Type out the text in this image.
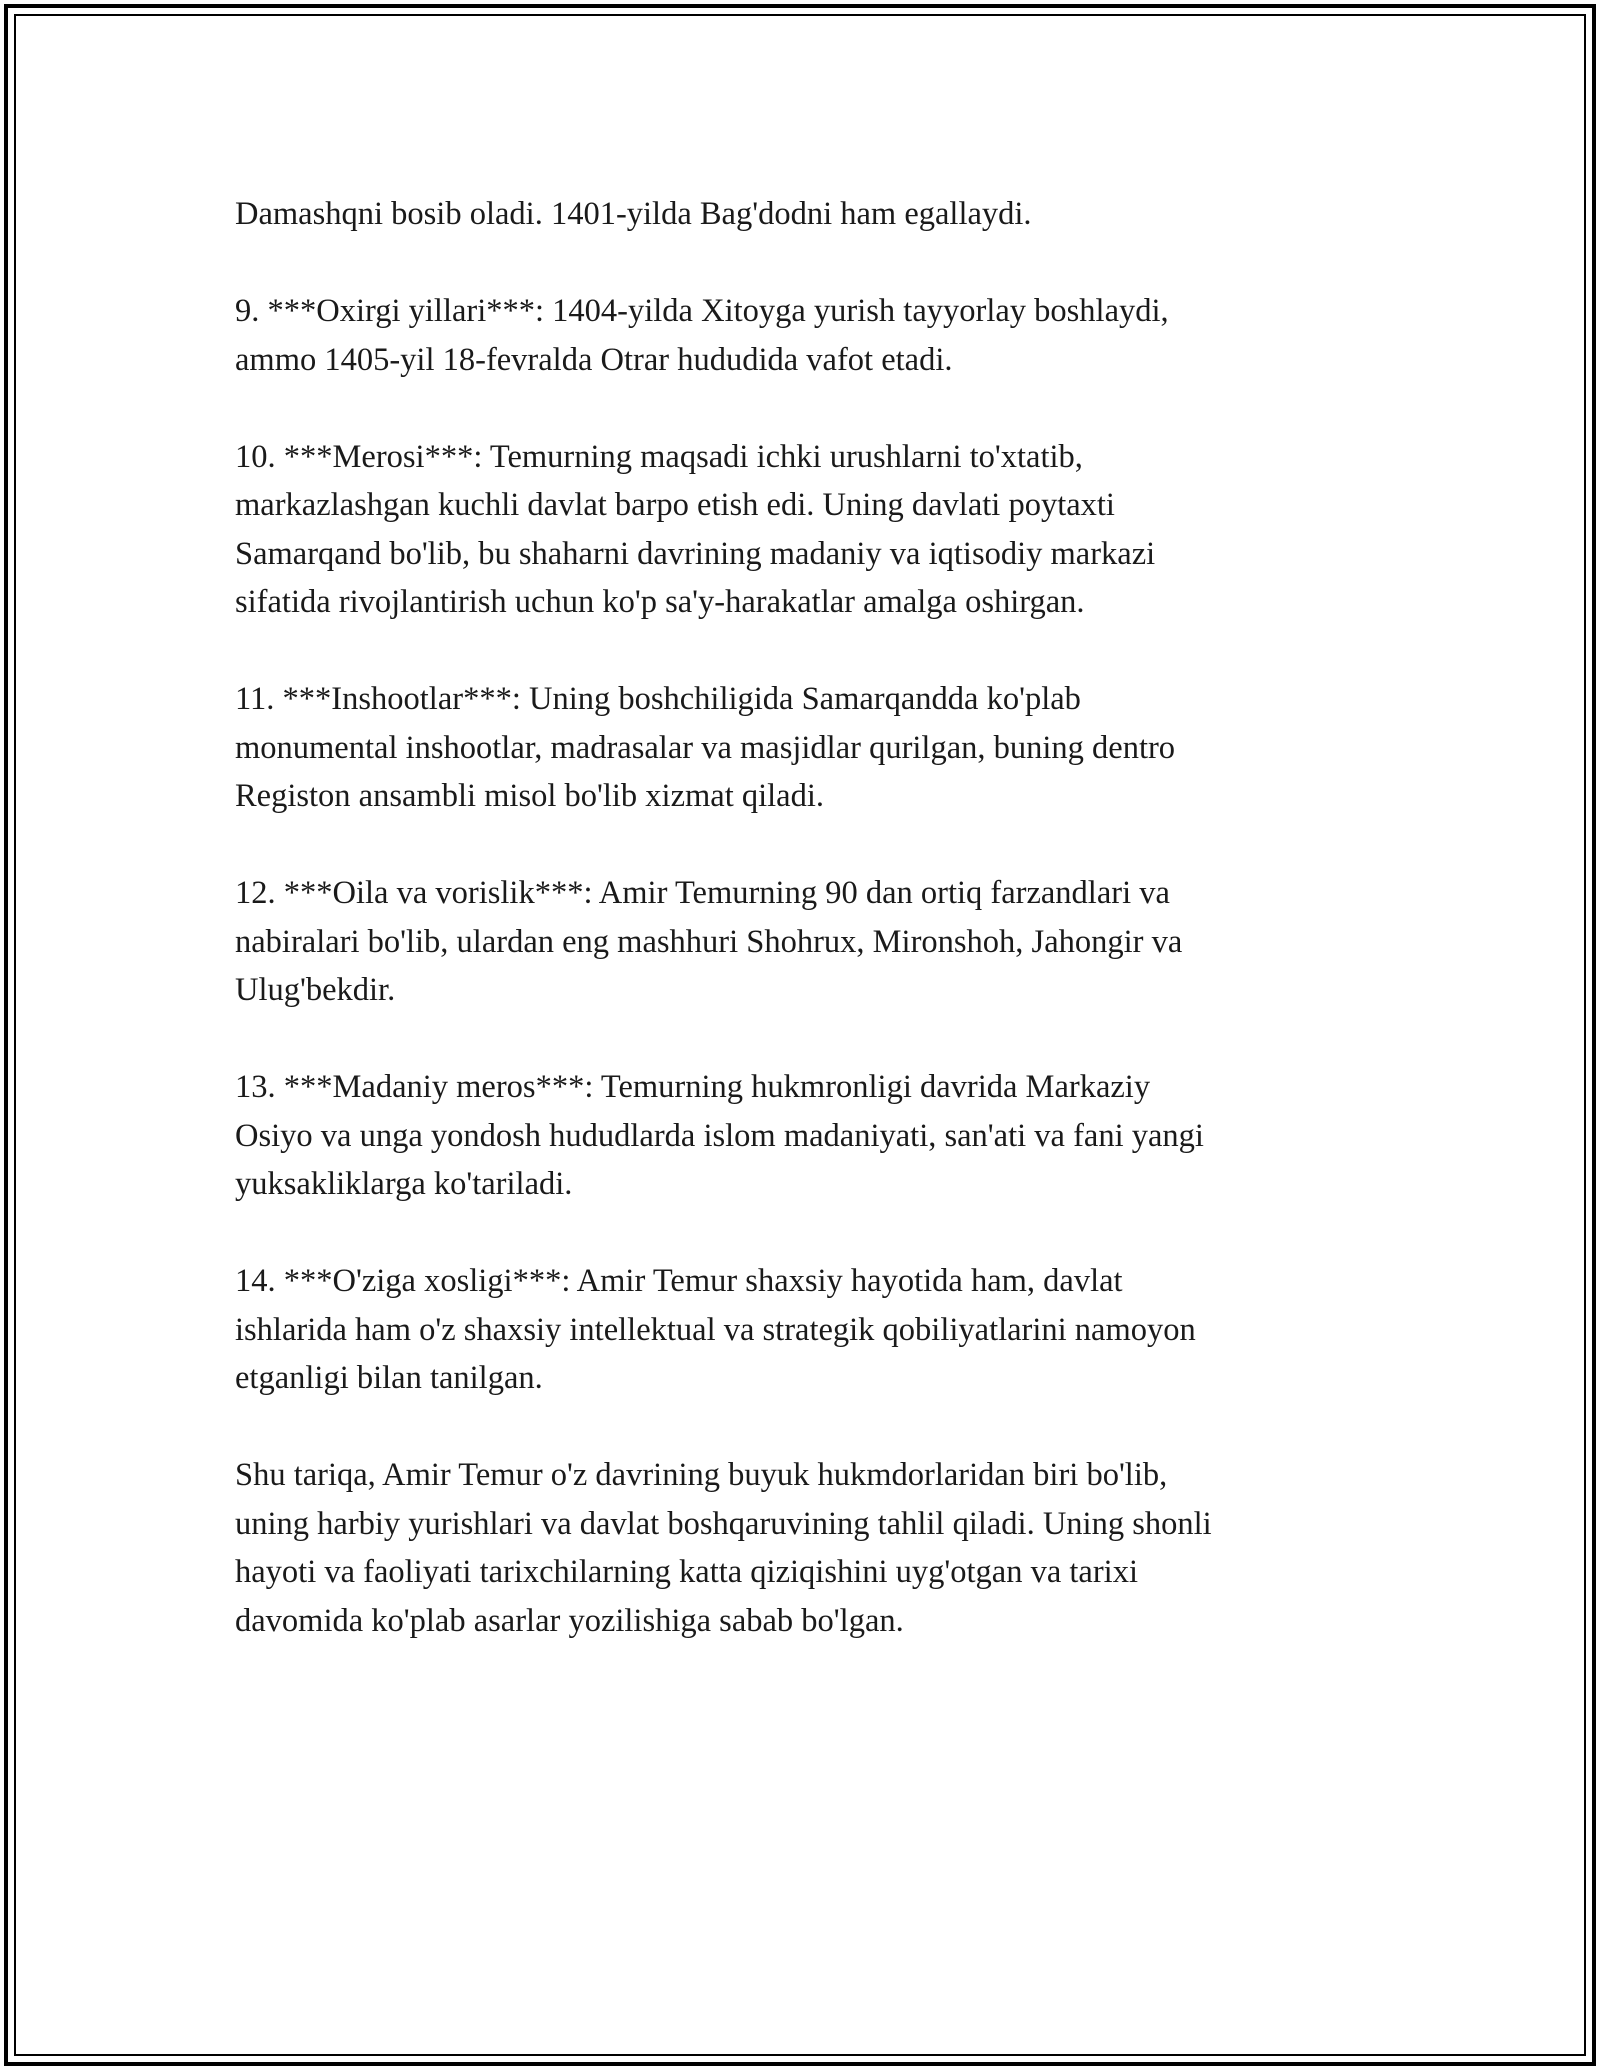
Damashqni bosib oladi. 1401-yilda Bag'dodni ham egallaydi.

9. ***Oxirgi yillari***: 1404-yilda Xitoyga yurish tayyorlay boshlaydi,
ammo 1405-yil 18-fevralda Otrar hududida vafot etadi.

10. ***Merosi***: Temurning maqsadi ichki urushlarni to'xtatib,
markazlashgan kuchli davlat barpo etish edi. Uning davlati poytaxti
Samarqand bo'lib, bu shaharni davrining madaniy va iqtisodiy markazi
sifatida rivojlantirish uchun ko'p sa'y-harakatlar amalga oshirgan.

11. ***Inshootlar***: Uning boshchiligida Samarqandda ko'plab
monumental inshootlar, madrasalar va masjidlar qurilgan, buning dentro
Registon ansambli misol bo'lib xizmat qiladi.

12. ***Oila va vorislik***: Amir Temurning 90 dan ortiq farzandlari va
nabiralari bo'lib, ulardan eng mashhuri Shohrux, Mironshoh, Jahongir va
Ulug'bekdir.

13. ***Madaniy meros***: Temurning hukmronligi davrida Markaziy
Osiyo va unga yondosh hududlarda islom madaniyati, san'ati va fani yangi
yuksakliklarga ko'tariladi.

14. ***O'ziga xosligi***: Amir Temur shaxsiy hayotida ham, davlat
ishlarida ham o'z shaxsiy intellektual va strategik qobiliyatlarini namoyon
etganligi bilan tanilgan.

Shu tariqa, Amir Temur o'z davrining buyuk hukmdorlaridan biri bo'lib,
uning harbiy yurishlari va davlat boshqaruvining tahlil qiladi. Uning shonli
hayoti va faoliyati tarixchilarning katta qiziqishini uyg'otgan va tarixi
davomida ko'plab asarlar yozilishiga sabab bo'lgan.
